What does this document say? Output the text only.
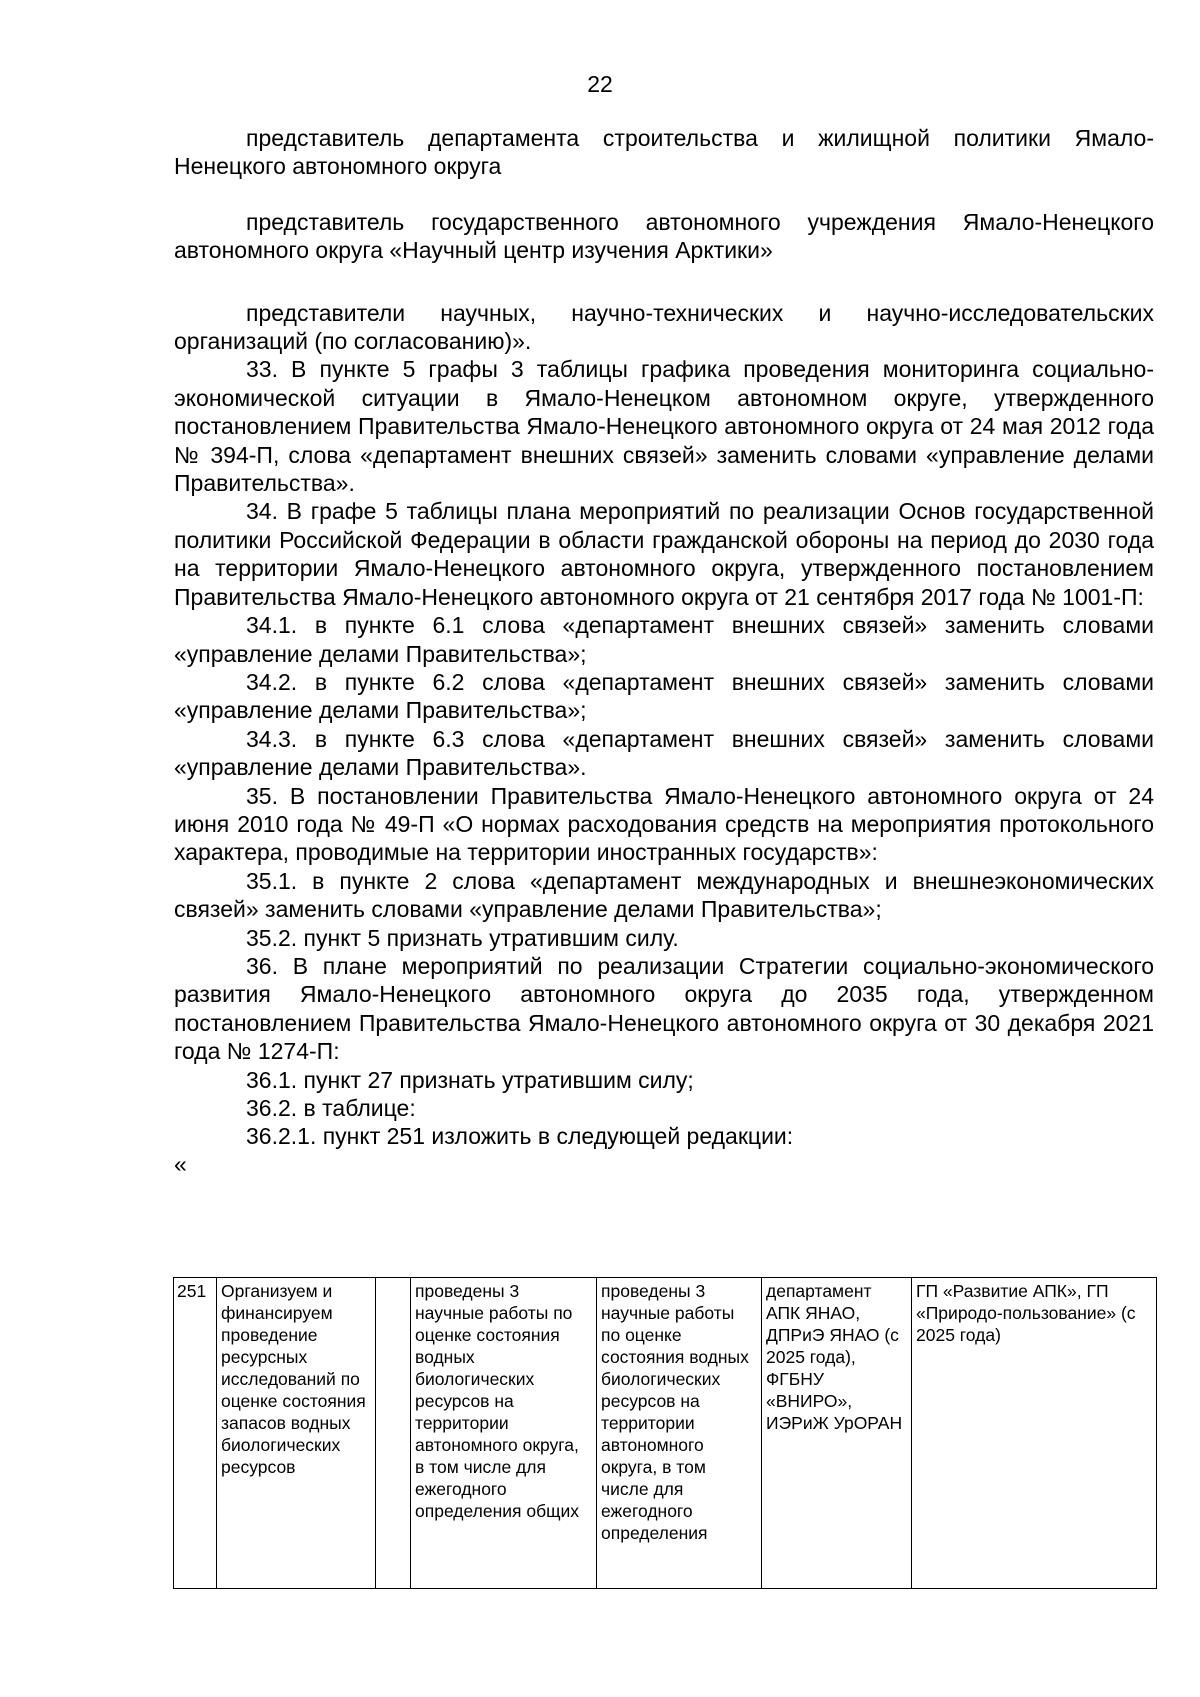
22

представитель департамента строительства и жилищной политики Ямало-Ненецкого автономного округа

представитель государственного автономного учреждения Ямало-Ненецкого автономного округа «Научный центр изучения Арктики»

представители научных, научно-технических и научно-исследовательских организаций (по согласованию)».

33. В пункте 5 графы 3 таблицы графика проведения мониторинга социально-экономической ситуации в Ямало-Ненецком автономном округе, утвержденного постановлением Правительства Ямало-Ненецкого автономного округа от 24 мая 2012 года № 394-П, слова «департамент внешних связей» заменить словами «управление делами Правительства».

34. В графе 5 таблицы плана мероприятий по реализации Основ государственной политики Российской Федерации в области гражданской обороны на период до 2030 года на территории Ямало-Ненецкого автономного округа, утвержденного постановлением Правительства Ямало-Ненецкого автономного округа от 21 сентября 2017 года № 1001-П:

34.1. в пункте 6.1 слова «департамент внешних связей» заменить словами «управление делами Правительства»;

34.2. в пункте 6.2 слова «департамент внешних связей» заменить словами «управление делами Правительства»;

34.3. в пункте 6.3 слова «департамент внешних связей» заменить словами «управление делами Правительства».

35. В постановлении Правительства Ямало-Ненецкого автономного округа от 24 июня 2010 года № 49-П «О нормах расходования средств на мероприятия протокольного характера, проводимые на территории иностранных государств»:

35.1. в пункте 2 слова «департамент международных и внешнеэкономических связей» заменить словами «управление делами Правительства»;

35.2. пункт 5 признать утратившим силу.

36. В плане мероприятий по реализации Стратегии социально-экономического развития Ямало-Ненецкого автономного округа до 2035 года, утвержденном постановлением Правительства Ямало-Ненецкого автономного округа от 30 декабря 2021 года № 1274-П:

36.1. пункт 27 признать утратившим силу;

36.2. в таблице:

36.2.1. пункт 251 изложить в следующей редакции:

«

251	Организуем и финансируем проведение ресурсных исследований по оценке состояния запасов водных биологических ресурсов		проведены 3 научные работы по оценке состояния водных биологических ресурсов на территории автономного округа, в том числе для ежегодного определения общих	проведены 3 научные работы по оценке состояния водных биологических ресурсов на территории автономного округа, в том числе для ежегодного определения	департамент АПК ЯНАО, ДПРиЭ ЯНАО (с 2025 года), ФГБНУ «ВНИРО», ИЭРиЖ УрОРАН	ГП «Развитие АПК», ГП «Природо-пользование» (с 2025 года)
